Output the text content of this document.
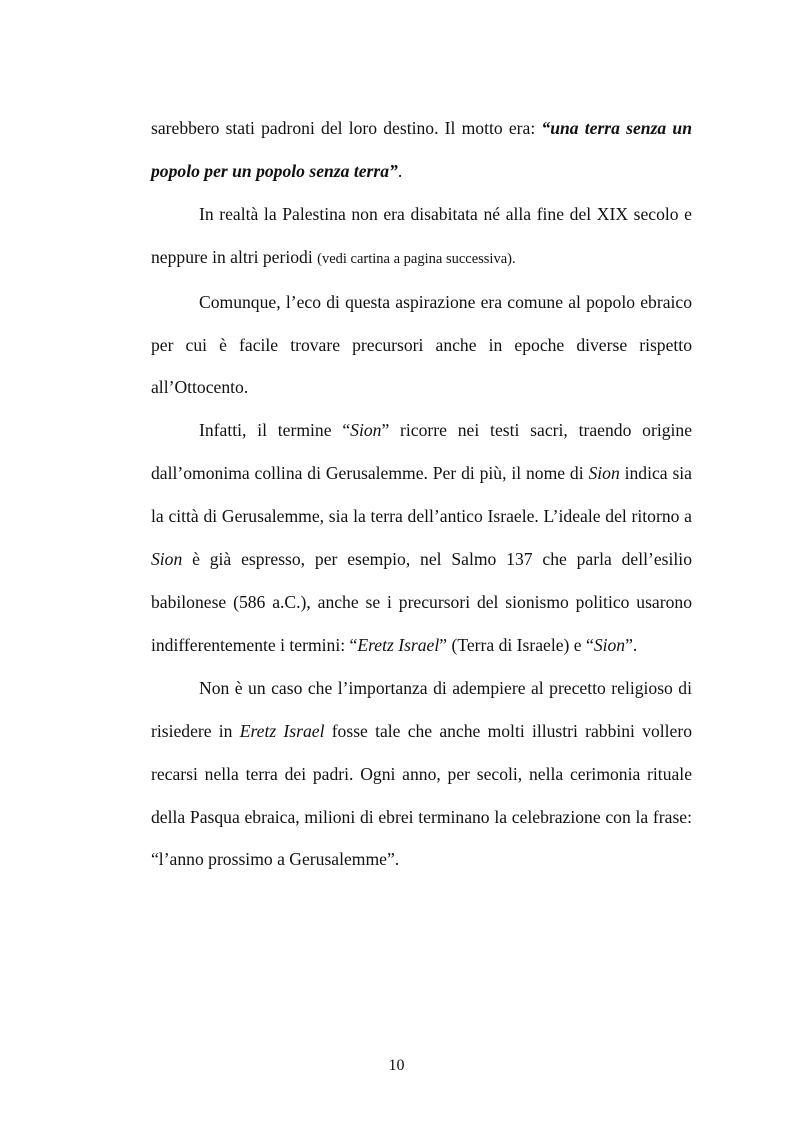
sarebbero stati padroni del loro destino. Il motto era: “una terra senza un popolo per un popolo senza terra”.

In realtà la Palestina non era disabitata né alla fine del XIX secolo e neppure in altri periodi (vedi cartina a pagina successiva).

Comunque, l’eco di questa aspirazione era comune al popolo ebraico per cui è facile trovare precursori anche in epoche diverse rispetto all’Ottocento.

Infatti, il termine “Sion” ricorre nei testi sacri, traendo origine dall’omonima collina di Gerusalemme. Per di più, il nome di Sion indica sia la città di Gerusalemme, sia la terra dell’antico Israele. L’ideale del ritorno a Sion è già espresso, per esempio, nel Salmo 137 che parla dell’esilio babilonese (586 a.C.), anche se i precursori del sionismo politico usarono indifferentemente i termini: “Eretz Israel” (Terra di Israele) e “Sion”.

Non è un caso che l’importanza di adempiere al precetto religioso di risiedere in Eretz Israel fosse tale che anche molti illustri rabbini vollero recarsi nella terra dei padri. Ogni anno, per secoli, nella cerimonia rituale della Pasqua ebraica, milioni di ebrei terminano la celebrazione con la frase: “l’anno prossimo a Gerusalemme”.

10
